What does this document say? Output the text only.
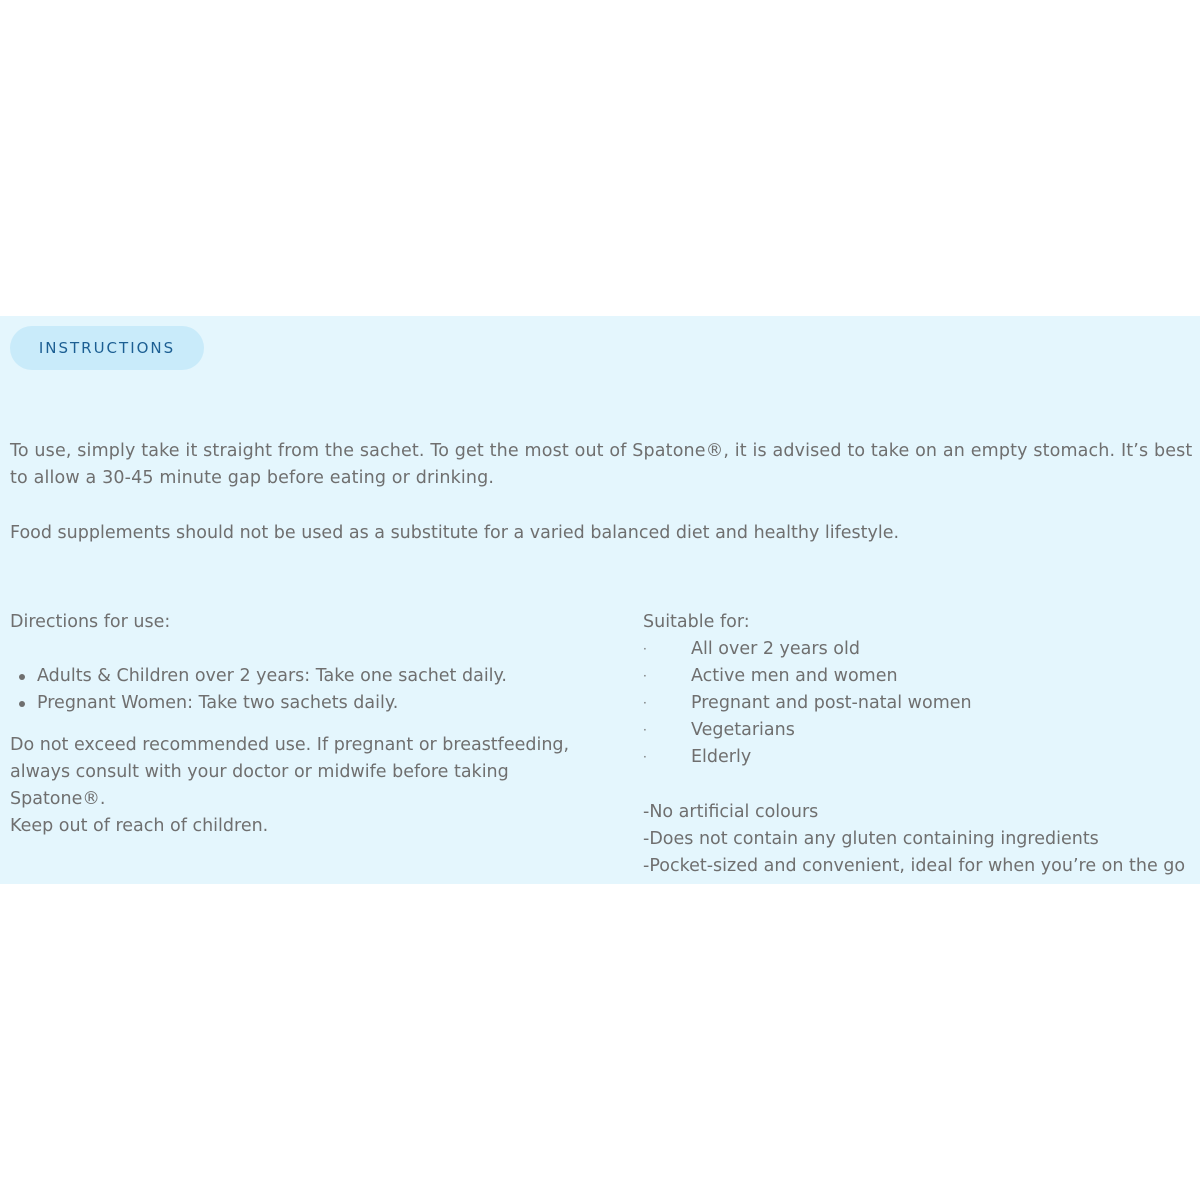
INSTRUCTIONS

To use, simply take it straight from the sachet. To get the most out of Spatone®, it is advised to take on an empty stomach. It’s best to allow a 30-45 minute gap before eating or drinking.

Food supplements should not be used as a substitute for a varied balanced diet and healthy lifestyle.

Directions for use:

Adults & Children over 2 years: Take one sachet daily.
Pregnant Women: Take two sachets daily.
Do not exceed recommended use. If pregnant or breastfeeding,
always consult with your doctor or midwife before taking
Spatone®.
Keep out of reach of children.

Suitable for:

· All over 2 years old
· Active men and women
· Pregnant and post-natal women
· Vegetarians
· Elderly
-No artificial colours
-Does not contain any gluten containing ingredients
-Pocket-sized and convenient, ideal for when you’re on the go
